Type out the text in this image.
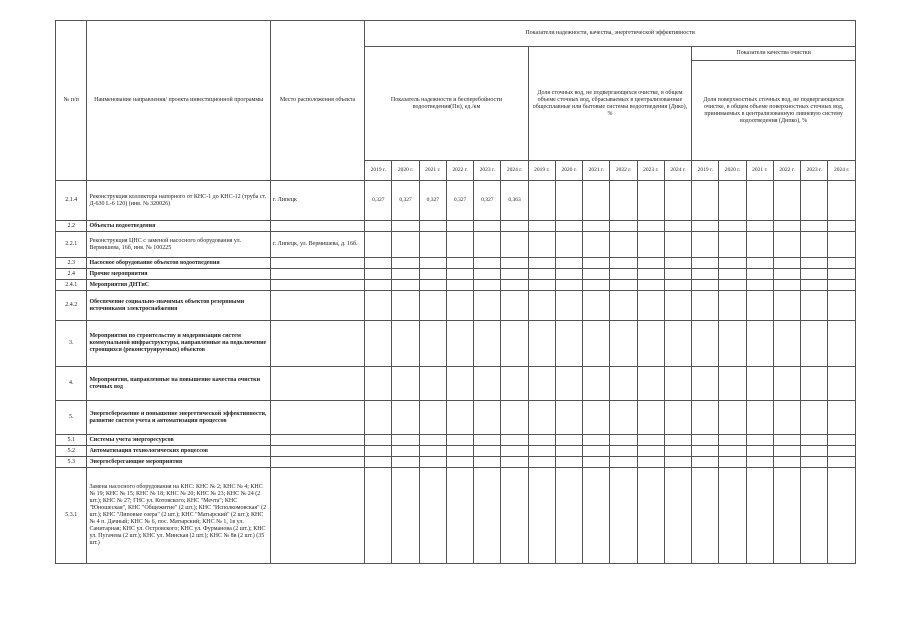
№ п/п	Наименование направления/ проекта инвестиционной программы	Место расположения объекта	Показатели надежности, качества, энергетической эффективности																	
			Показатель надежности и бесперебойности водоотведения(Пн), ед./км						Доля сточных вод, не подвергающихся очистке, в общем объеме сточных вод, сбрасываемых в централизованные общесплавные или бытовые системы водоотведения (Днко), %						Показатели качества очистки					
															Доля поверхностных сточных вод, не подвергающихся очистке, в общем объеме поверхностных сточных вод, принимаемых в централизованную ливневую систему водоотведения (Днпко), %					
			2019 г.	2020 г.	2021 г.	2022 г.	2023 г.	2024 г.	2019 г.	2020 г.	2021 г.	2022 г.	2023 г.	2024 г.	2019 г.	2020 г.	2021 г.	2022 г.	2023 г.	2024 г.
2.1.4	Реконструкция коллектора напорного от КНС-1 до КНС-12 (труба ст. Д-630 L-6 120) (инв. № 320026)	г. Липецк	0,327	0,327	0,327	0,327	0,327	0,363												
2.2	Объекты водоотведения																			
2.2.1	Реконструкция ЦНС с заменой насосного оборудования ул. Вермишева, 16б, инв. № 100225	г. Липецк, ул. Вермишева, д. 16б.																		
2.3	Насосное оборудование объектов водоотведения																			
2.4	Прочие мероприятия																			
2.4.1	Мероприятия ДНТиС																			
2.4.2	Обеспечение социально-значимых объектов резервными источниками электроснабжения																			
3.	Мероприятия по строительству и модернизации систем коммунальной инфраструктуры, направленные на подключение строящихся (реконструируемых) объектов																			
4.	Мероприятия, направленные на повышение качества очистки сточных вод																			
5.	Энергосбережение и повышение энергетической эффективности, развитие систем учета и автоматизация процессов																			
5.1	Системы учета энергоресурсов																			
5.2	Автоматизация технологических процессов																			
5.3	Энергосберегающие мероприятия																			
5.3.1	Замена насосного оборудования на КНС: КНС № 2; КНС № 4; КНС № 19; КНС № 15; КНС № 18; КНС № 20; КНС № 23; КНС № 24 (2 шт.); КНС № 27; ГНС ул. Котовского; КНС "Мечта"; КНС "Юношеская", КНС "Общежитие" (2 шт.); КНС "Исполкомовская" (2 шт.); КНС "Липовые озера" (2 шт.); КНС "Матырский" (2 шт.); КНС № 4 п. Дачный; КНС № 6, пос. Матырский; КНС № 1, 1в ул. Санитарная; КНС ул. Островского; КНС ул. Фурманова (2 шт.); КНС ул. Пугачева (2 шт.); КНС ул. Минская (2 шт.); КНС № 8в (2 шт.) (35 шт.)																			
